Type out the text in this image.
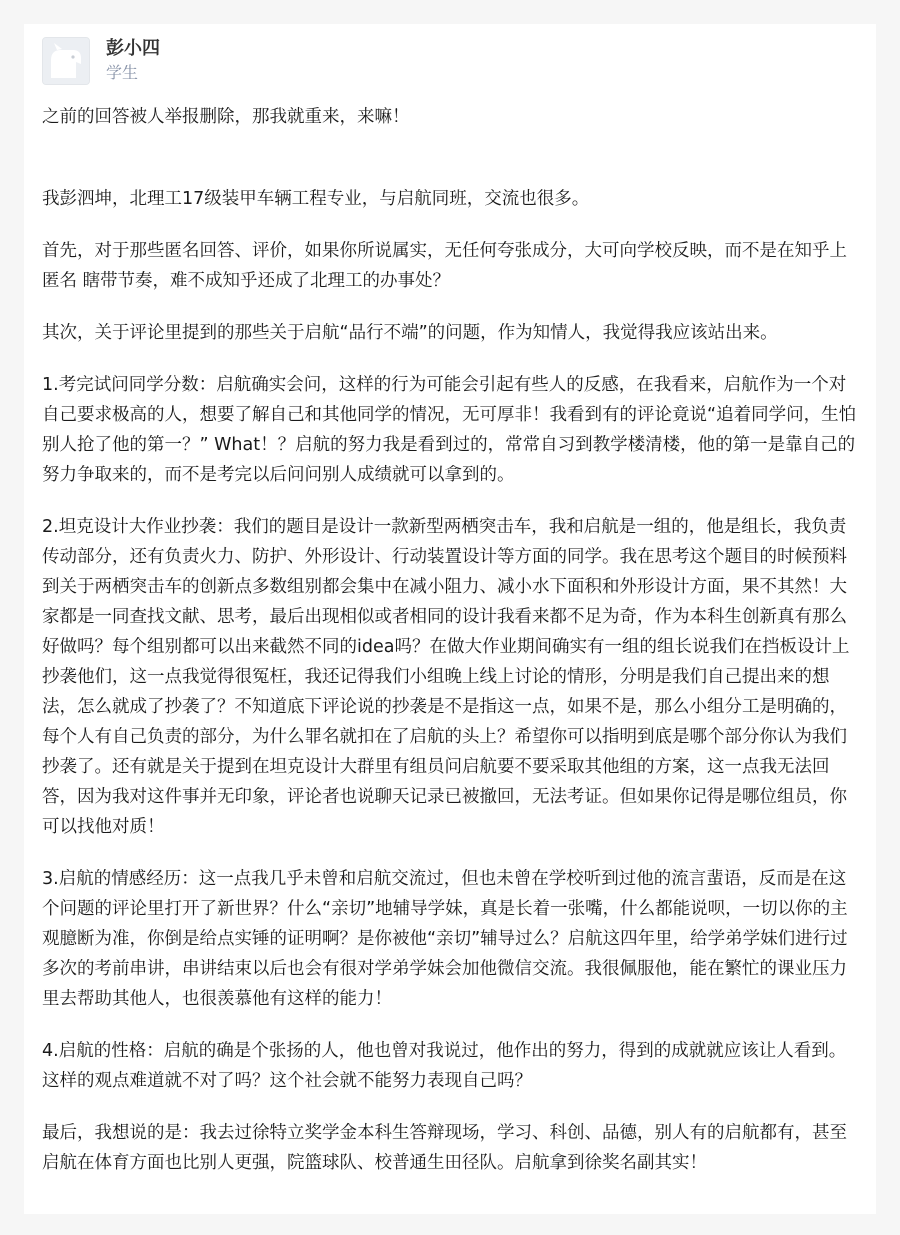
彭小四
学生

之前的回答被人举报删除，那我就重来，来嘛！

我彭泗坤，北理工17级装甲车辆工程专业，与启航同班，交流也很多。

首先，对于那些匿名回答、评价，如果你所说属实，无任何夸张成分，大可向学校反映，而不是在知乎上匿名 瞎带节奏，难不成知乎还成了北理工的办事处？

其次，关于评论里提到的那些关于启航“品行不端”的问题，作为知情人，我觉得我应该站出来。

1.考完试问同学分数：启航确实会问，这样的行为可能会引起有些人的反感，在我看来，启航作为一个对自己要求极高的人，想要了解自己和其他同学的情况，无可厚非！我看到有的评论竟说“追着同学问，生怕别人抢了他的第一？” What！？启航的努力我是看到过的，常常自习到教学楼清楼，他的第一是靠自己的努力争取来的，而不是考完以后问问别人成绩就可以拿到的。

2.坦克设计大作业抄袭：我们的题目是设计一款新型两栖突击车，我和启航是一组的，他是组长，我负责传动部分，还有负责火力、防护、外形设计、行动装置设计等方面的同学。我在思考这个题目的时候预料到关于两栖突击车的创新点多数组别都会集中在减小阻力、减小水下面积和外形设计方面，果不其然！大家都是一同查找文献、思考，最后出现相似或者相同的设计我看来都不足为奇，作为本科生创新真有那么好做吗？每个组别都可以出来截然不同的idea吗？在做大作业期间确实有一组的组长说我们在挡板设计上抄袭他们，这一点我觉得很冤枉，我还记得我们小组晚上线上讨论的情形，分明是我们自己提出来的想法，怎么就成了抄袭了？不知道底下评论说的抄袭是不是指这一点，如果不是，那么小组分工是明确的，每个人有自己负责的部分，为什么罪名就扣在了启航的头上？希望你可以指明到底是哪个部分你认为我们抄袭了。还有就是关于提到在坦克设计大群里有组员问启航要不要采取其他组的方案，这一点我无法回答，因为我对这件事并无印象，评论者也说聊天记录已被撤回，无法考证。但如果你记得是哪位组员，你可以找他对质！

3.启航的情感经历：这一点我几乎未曾和启航交流过，但也未曾在学校听到过他的流言蜚语，反而是在这个问题的评论里打开了新世界？什么“亲切”地辅导学妹，真是长着一张嘴，什么都能说呗，一切以你的主观臆断为准，你倒是给点实锤的证明啊？是你被他“亲切”辅导过么？启航这四年里，给学弟学妹们进行过多次的考前串讲，串讲结束以后也会有很对学弟学妹会加他微信交流。我很佩服他，能在繁忙的课业压力里去帮助其他人，也很羡慕他有这样的能力！

4.启航的性格：启航的确是个张扬的人，他也曾对我说过，他作出的努力，得到的成就就应该让人看到。这样的观点难道就不对了吗？这个社会就不能努力表现自己吗？

最后，我想说的是：我去过徐特立奖学金本科生答辩现场，学习、科创、品德，别人有的启航都有，甚至启航在体育方面也比别人更强，院篮球队、校普通生田径队。启航拿到徐奖名副其实！
